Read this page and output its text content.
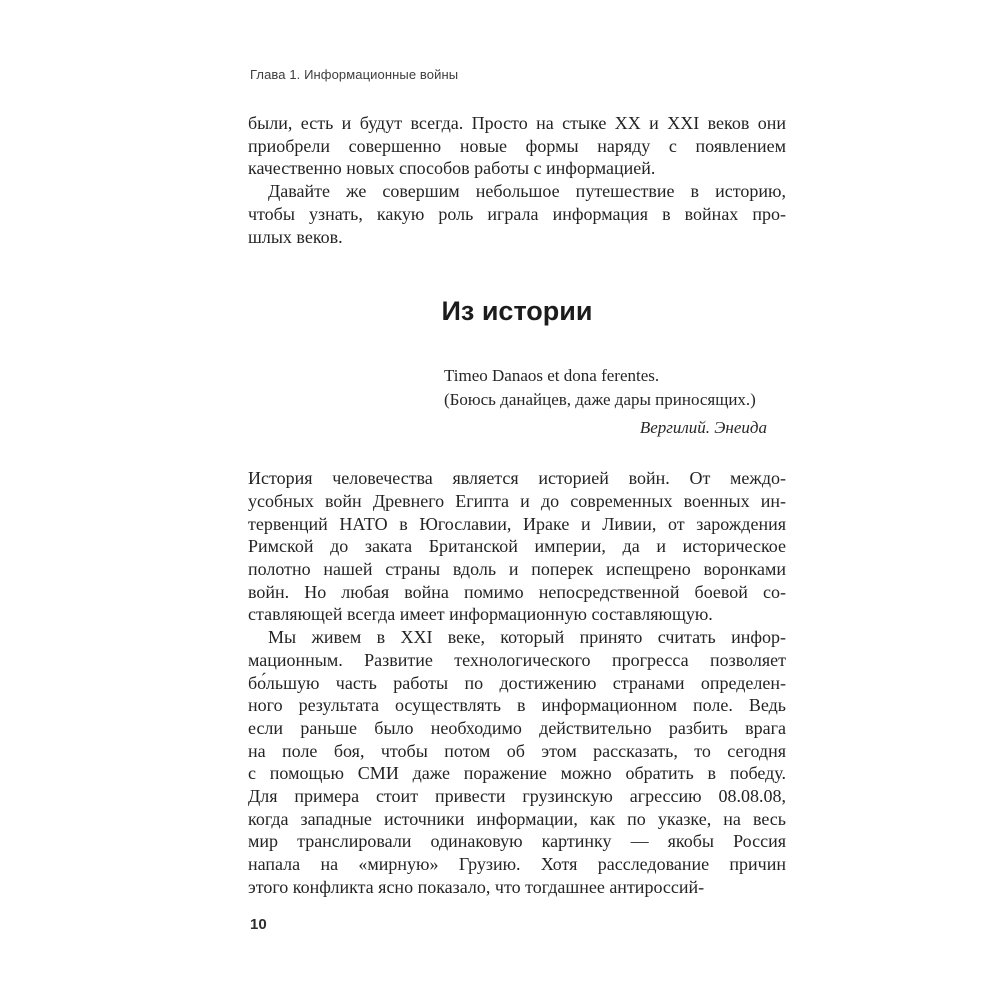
Глава 1. Информационные войны
были, есть и будут всегда. Просто на стыке XX и XXI веков они
приобрели совершенно новые формы наряду с появлением
качественно новых способов работы с информацией.
Давайте же совершим небольшое путешествие в историю,
чтобы узнать, какую роль играла информация в войнах про-
шлых веков.
Из истории
Timeo Danaos et dona ferentes.
(Боюсь данайцев, даже дары приносящих.)
Вергилий. Энеида
История человечества является историей войн. От междо-
усобных войн Древнего Египта и до современных военных ин-
тервенций НАТО в Югославии, Ираке и Ливии, от зарождения
Римской до заката Британской империи, да и историческое
полотно нашей страны вдоль и поперек испещрено воронками
войн. Но любая война помимо непосредственной боевой со-
ставляющей всегда имеет информационную составляющую.
Мы живем в XXI веке, который принято считать инфор-
мационным. Развитие технологического прогресса позволяет
бо́льшую часть работы по достижению странами определен-
ного результата осуществлять в информационном поле. Ведь
если раньше было необходимо действительно разбить врага
на поле боя, чтобы потом об этом рассказать, то сегодня
с помощью СМИ даже поражение можно обратить в победу.
Для примера стоит привести грузинскую агрессию 08.08.08,
когда западные источники информации, как по указке, на весь
мир транслировали одинаковую картинку — якобы Россия
напала на «мирную» Грузию. Хотя расследование причин
этого конфликта ясно показало, что тогдашнее антироссий-
10
